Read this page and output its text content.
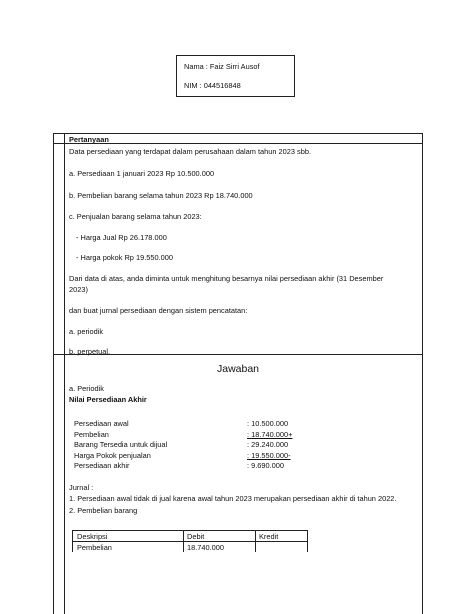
Nama : Faiz Sirri Ausof
NIM : 044516848
Pertanyaan
Data persediaan yang terdapat dalam perusahaan dalam tahun 2023 sbb.
a. Persediaan 1 januari 2023 Rp 10.500.000
b. Pembelian barang selama tahun 2023 Rp 18.740.000
c. Penjualan barang selama tahun 2023:
- Harga Jual Rp 26.178.000
- Harga pokok Rp 19.550.000
Dari data di atas, anda diminta untuk menghitung besarnya nilai persediaan akhir (31 Desember
2023)
dan buat jurnal persediaan dengan sistem pencatatan:
a. periodik
b. perpetual.
Jawaban
a. Periodik
Nilai Persediaan Akhir
Persediaan awal	: 10.500.000
Pembelian	: 18.740.000+
Barang Tersedia untuk dijual	: 29.240.000
Harga Pokok penjualan	: 19.550.000-
Persediaan akhir	: 9.690.000
Jurnal :
1. Persediaan awal tidak di jual karena awal tahun 2023 merupakan persediaan akhir di tahun 2022.
2. Pembelian barang
Deskripsi	Debit	Kredit
Pembelian	18.740.000
